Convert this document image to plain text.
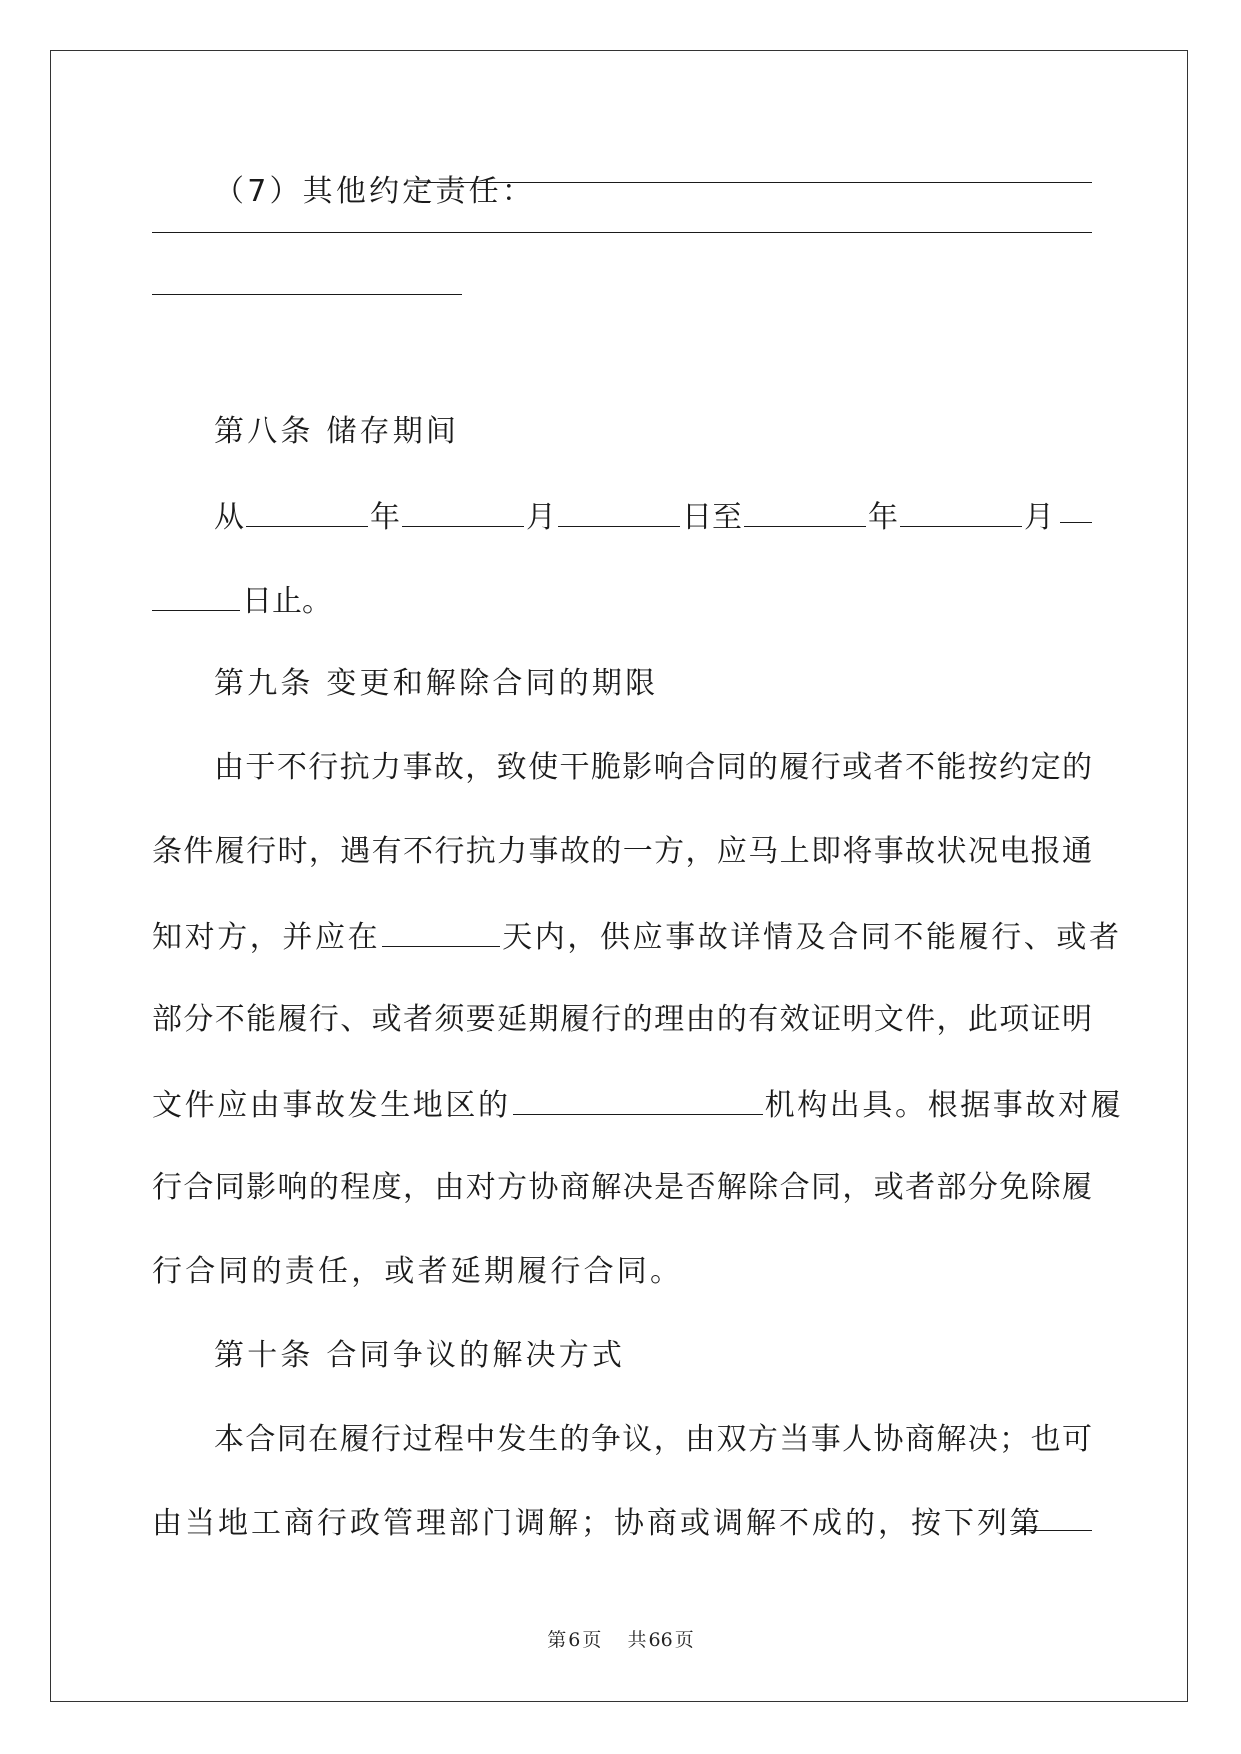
（7）其他约定责任：
第八条 储存期间
从	年	月	日至	年	月
日止。
第九条 变更和解除合同的期限
由于不行抗力事故，致使干脆影响合同的履行或者不能按约定的
条件履行时，遇有不行抗力事故的一方，应马上即将事故状况电报通
知对方，并应在	天内，供应事故详情及合同不能履行、或者
部分不能履行、或者须要延期履行的理由的有效证明文件，此项证明
文件应由事故发生地区的	机构出具。根据事故对履
行合同影响的程度，由对方协商解决是否解除合同，或者部分免除履
行合同的责任，或者延期履行合同。
第十条 合同争议的解决方式
本合同在履行过程中发生的争议，由双方当事人协商解决；也可
由当地工商行政管理部门调解；协商或调解不成的，按下列第
第 6 页 共 66 页
